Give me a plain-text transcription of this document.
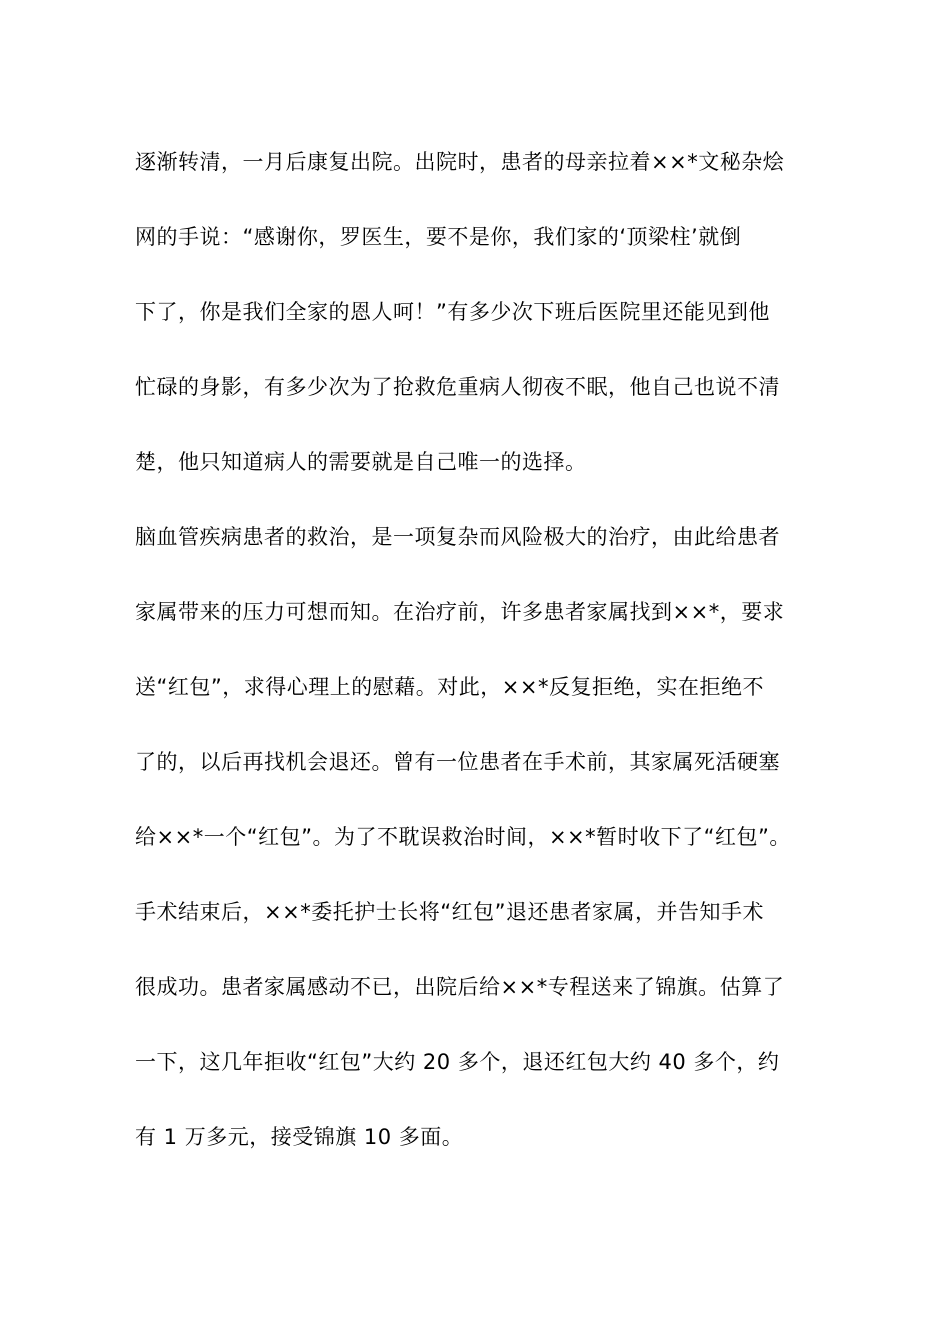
逐渐转清，一月后康复出院。出院时，患者的母亲拉着××*文秘杂烩
网的手说：“感谢你，罗医生，要不是你，我们家的‘顶梁柱’就倒
下了，你是我们全家的恩人呵！”有多少次下班后医院里还能见到他
忙碌的身影，有多少次为了抢救危重病人彻夜不眠，他自己也说不清
楚，他只知道病人的需要就是自己唯一的选择。
脑血管疾病患者的救治，是一项复杂而风险极大的治疗，由此给患者
家属带来的压力可想而知。在治疗前，许多患者家属找到××*，要求
送“红包”，求得心理上的慰藉。对此，××*反复拒绝，实在拒绝不
了的，以后再找机会退还。曾有一位患者在手术前，其家属死活硬塞
给××*一个“红包”。为了不耽误救治时间，××*暂时收下了“红包”。
手术结束后，××*委托护士长将“红包”退还患者家属，并告知手术
很成功。患者家属感动不已，出院后给××*专程送来了锦旗。估算了
一下，这几年拒收“红包”大约 20 多个，退还红包大约 40 多个，约
有 1 万多元，接受锦旗 10 多面。
